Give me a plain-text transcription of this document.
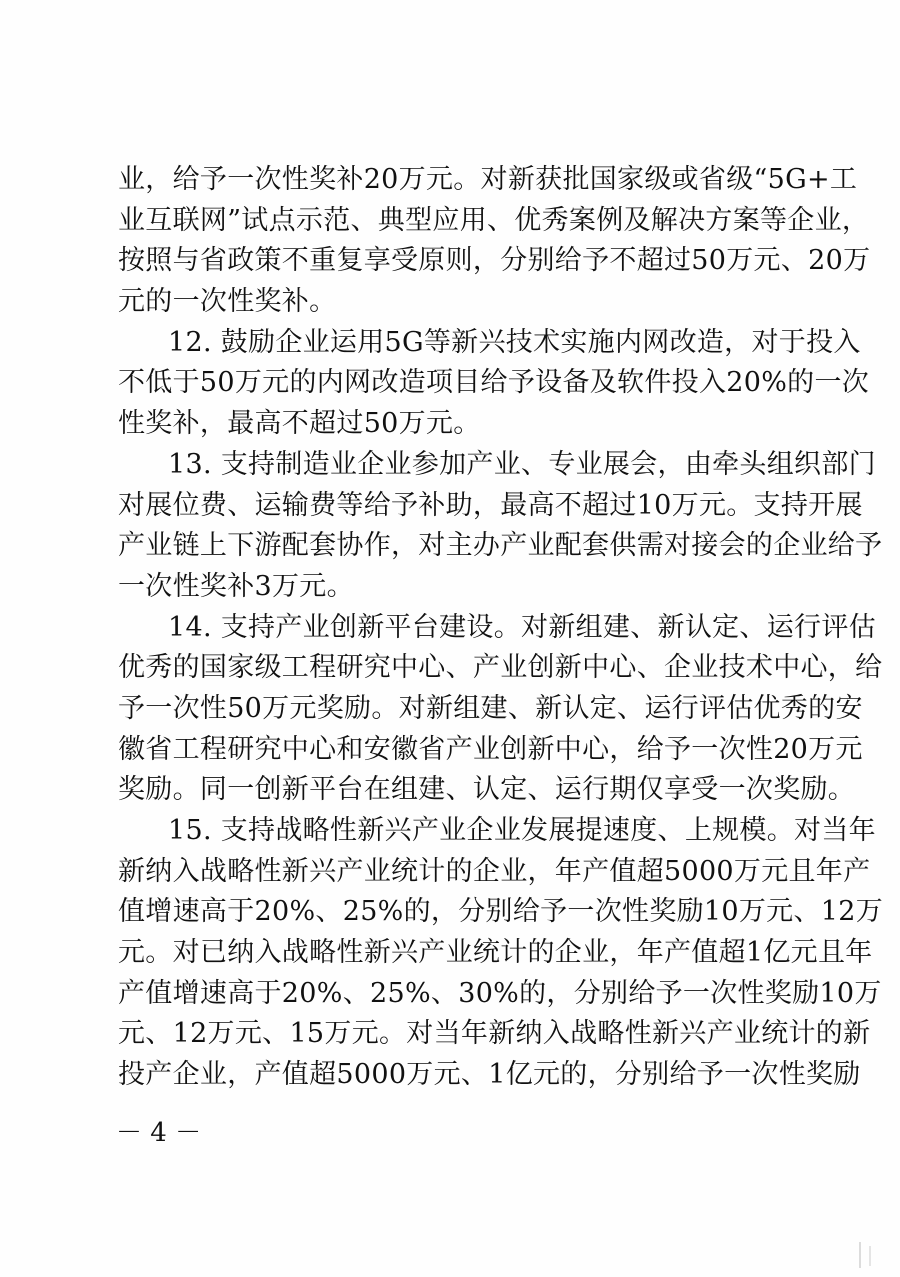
业，给予一次性奖补20万元。对新获批国家级或省级“5G+工
业互联网”试点示范、典型应用、优秀案例及解决方案等企业，
按照与省政策不重复享受原则，分别给予不超过50万元、20万
元的一次性奖补。
12. 鼓励企业运用5G等新兴技术实施内网改造，对于投入
不低于50万元的内网改造项目给予设备及软件投入20%的一次
性奖补，最高不超过50万元。
13. 支持制造业企业参加产业、专业展会，由牵头组织部门
对展位费、运输费等给予补助，最高不超过10万元。支持开展
产业链上下游配套协作，对主办产业配套供需对接会的企业给予
一次性奖补3万元。
14. 支持产业创新平台建设。对新组建、新认定、运行评估
优秀的国家级工程研究中心、产业创新中心、企业技术中心，给
予一次性50万元奖励。对新组建、新认定、运行评估优秀的安
徽省工程研究中心和安徽省产业创新中心，给予一次性20万元
奖励。同一创新平台在组建、认定、运行期仅享受一次奖励。
15. 支持战略性新兴产业企业发展提速度、上规模。对当年
新纳入战略性新兴产业统计的企业，年产值超5000万元且年产
值增速高于20%、25%的，分别给予一次性奖励10万元、12万
元。对已纳入战略性新兴产业统计的企业，年产值超1亿元且年
产值增速高于20%、25%、30%的，分别给予一次性奖励10万
元、12万元、15万元。对当年新纳入战略性新兴产业统计的新
投产企业，产值超5000万元、1亿元的，分别给予一次性奖励
－ 4 －
